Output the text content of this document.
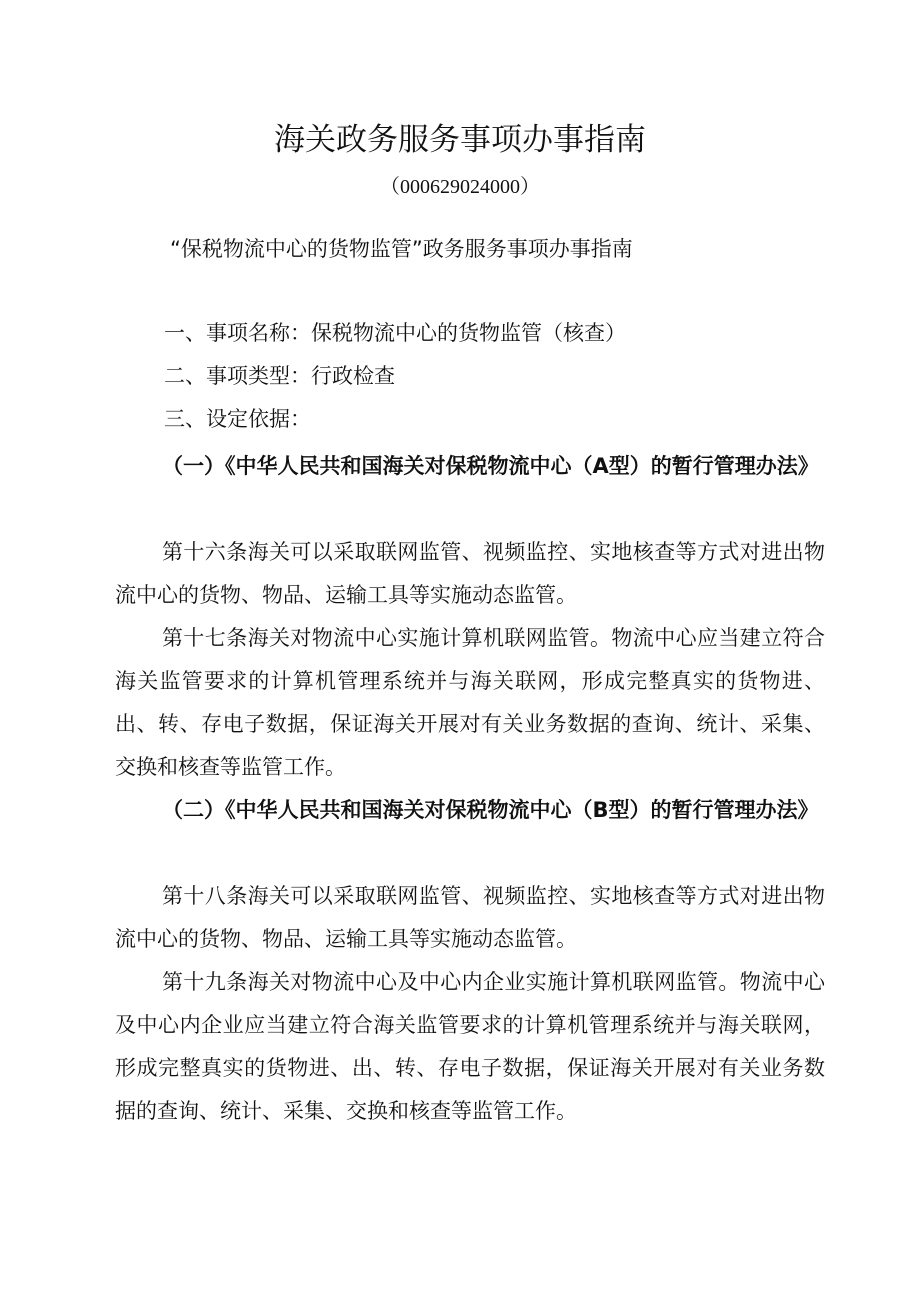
海关政务服务事项办事指南
（000629024000）
“保税物流中心的货物监管”政务服务事项办事指南
一、事项名称：保税物流中心的货物监管（核查）
二、事项类型：行政检查
三、设定依据：
（一）《中华人民共和国海关对保税物流中心（A型）的暂行管理办法》
第十六条海关可以采取联网监管、视频监控、实地核查等方式对进出物流中心的货物、物品、运输工具等实施动态监管。
第十七条海关对物流中心实施计算机联网监管。物流中心应当建立符合海关监管要求的计算机管理系统并与海关联网，形成完整真实的货物进、出、转、存电子数据，保证海关开展对有关业务数据的查询、统计、采集、交换和核查等监管工作。
（二）《中华人民共和国海关对保税物流中心（B型）的暂行管理办法》
第十八条海关可以采取联网监管、视频监控、实地核查等方式对进出物流中心的货物、物品、运输工具等实施动态监管。
第十九条海关对物流中心及中心内企业实施计算机联网监管。物流中心及中心内企业应当建立符合海关监管要求的计算机管理系统并与海关联网，形成完整真实的货物进、出、转、存电子数据，保证海关开展对有关业务数据的查询、统计、采集、交换和核查等监管工作。
